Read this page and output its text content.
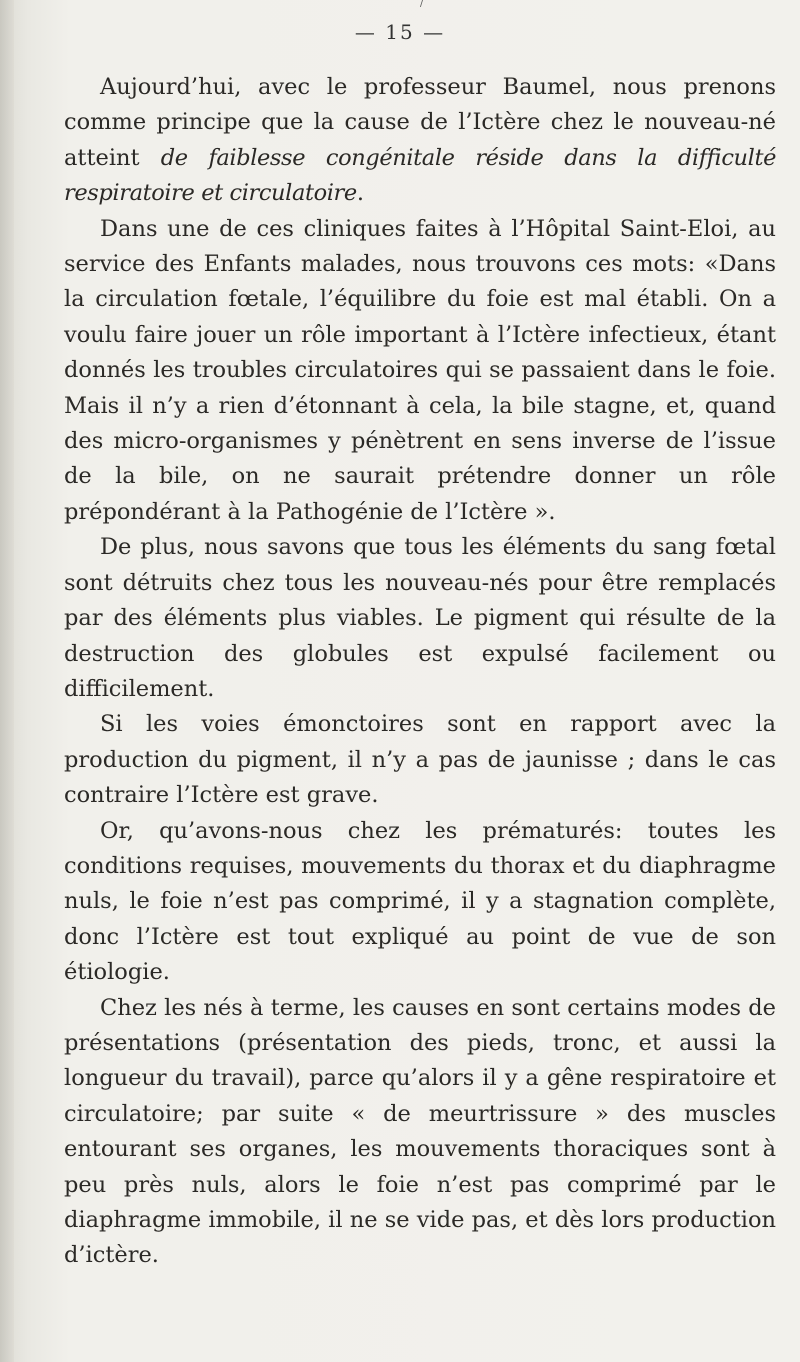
/
— 15 —

Aujourd’hui, avec le professeur Baumel, nous prenons comme principe que la cause de l’Ictère chez le nouveau-né atteint de faiblesse congénitale réside dans la difficulté respiratoire et circulatoire.

Dans une de ces cliniques faites à l’Hôpital Saint-Eloi, au service des Enfants malades, nous trouvons ces mots: «Dans la circulation fœtale, l’équilibre du foie est mal établi. On a voulu faire jouer un rôle important à l’Ictère infectieux, étant donnés les troubles circulatoires qui se passaient dans le foie. Mais il n’y a rien d’étonnant à cela, la bile stagne, et, quand des micro-organismes y pénètrent en sens inverse de l’issue de la bile, on ne saurait prétendre donner un rôle prépondérant à la Pathogénie de l’Ictère ».

De plus, nous savons que tous les éléments du sang fœtal sont détruits chez tous les nouveau-nés pour être remplacés par des éléments plus viables. Le pigment qui résulte de la destruction des globules est expulsé facilement ou difficilement.

Si les voies émonctoires sont en rapport avec la production du pigment, il n’y a pas de jaunisse ; dans le cas contraire l’Ictère est grave.

Or, qu’avons-nous chez les prématurés: toutes les conditions requises, mouvements du thorax et du diaphragme nuls, le foie n’est pas comprimé, il y a stagnation complète, donc l’Ictère est tout expliqué au point de vue de son étiologie.

Chez les nés à terme, les causes en sont certains modes de présentations (présentation des pieds, tronc, et aussi la longueur du travail), parce qu’alors il y a gêne respiratoire et circulatoire; par suite « de meurtrissure » des muscles entourant ses organes, les mouvements thoraciques sont à peu près nuls, alors le foie n’est pas comprimé par le diaphragme immobile, il ne se vide pas, et dès lors production d’ictère.
